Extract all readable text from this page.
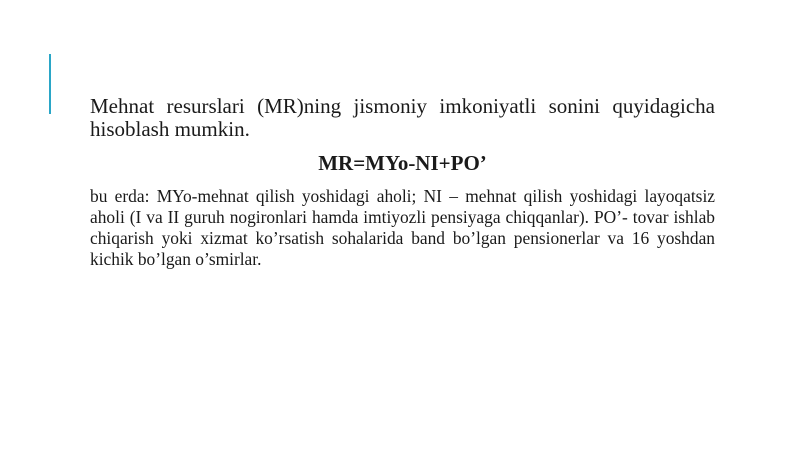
Mehnat resurslari (MR)ning jismoniy imkoniyatli sonini quyidagicha hisoblash mumkin.

MR=MYo-NI+PO’

bu erda: MYo-mehnat qilish yoshidagi aholi; NI – mehnat qilish yoshidagi layoqatsiz aholi (I va II guruh nogironlari hamda imtiyozli pensiyaga chiqqanlar). PO’- tovar ishlab chiqarish yoki xizmat ko’rsatish sohalarida band bo’lgan pensionerlar va 16 yoshdan kichik bo’lgan o’smirlar.
